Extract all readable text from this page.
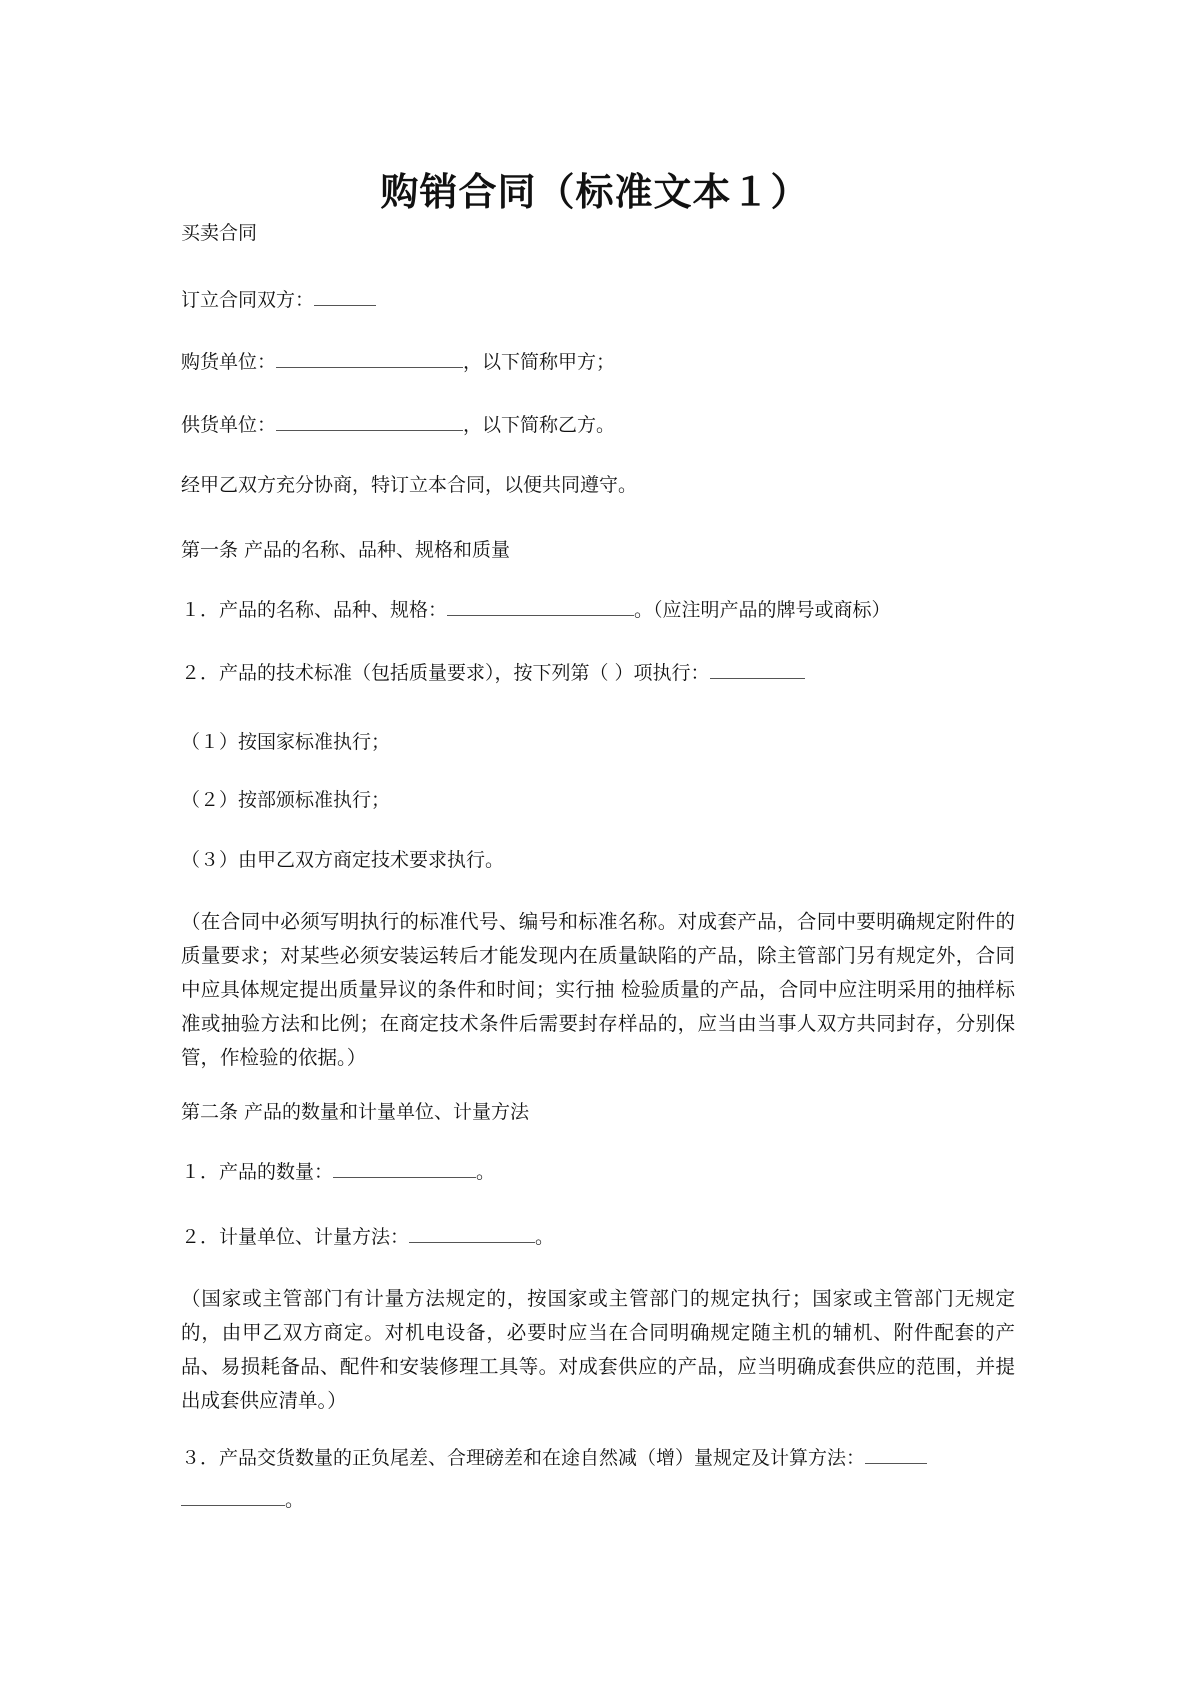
购销合同（标准文本１）
买卖合同
订立合同双方：
购货单位：	，以下简称甲方；
供货单位：	，以下简称乙方。
经甲乙双方充分协商，特订立本合同，以便共同遵守。
第一条 产品的名称、品种、规格和质量
１．产品的名称、品种、规格：	。（应注明产品的牌号或商标）
２．产品的技术标准（包括质量要求），按下列第（ ）项执行：
（１）按国家标准执行；
（２）按部颁标准执行；
（３）由甲乙双方商定技术要求执行。
（在合同中必须写明执行的标准代号、编号和标准名称。对成套产品，合同中要明确规定附件的质量要求；对某些必须安装运转后才能发现内在质量缺陷的产品，除主管部门另有规定外，合同中应具体规定提出质量异议的条件和时间；实行抽 检验质量的产品，合同中应注明采用的抽样标准或抽验方法和比例；在商定技术条件后需要封存样品的，应当由当事人双方共同封存，分别保管，作检验的依据。）
第二条 产品的数量和计量单位、计量方法
１．产品的数量：	。
２．计量单位、计量方法：	。
（国家或主管部门有计量方法规定的，按国家或主管部门的规定执行；国家或主管部门无规定的，由甲乙双方商定。对机电设备，必要时应当在合同明确规定随主机的辅机、附件配套的产品、易损耗备品、配件和安装修理工具等。对成套供应的产品，应当明确成套供应的范围，并提出成套供应清单。）
３．产品交货数量的正负尾差、合理磅差和在途自然减（增）量规定及计算方法：
。
